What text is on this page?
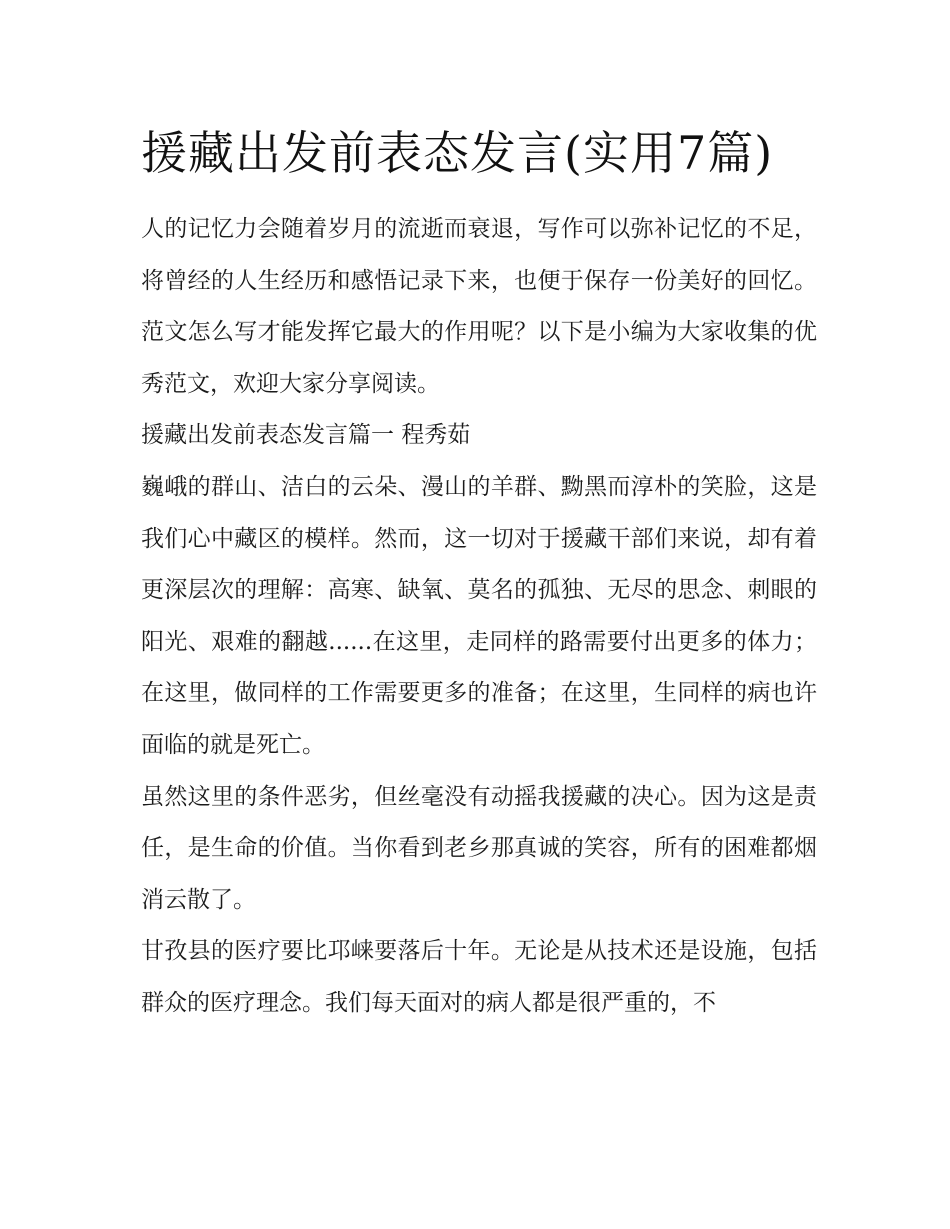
援藏出发前表态发言(实用7篇)

人的记忆力会随着岁月的流逝而衰退，写作可以弥补记忆的不足，将曾经的人生经历和感悟记录下来，也便于保存一份美好的回忆。范文怎么写才能发挥它最大的作用呢？以下是小编为大家收集的优秀范文，欢迎大家分享阅读。

援藏出发前表态发言篇一 程秀茹

巍峨的群山、洁白的云朵、漫山的羊群、黝黑而淳朴的笑脸，这是我们心中藏区的模样。然而，这一切对于援藏干部们来说，却有着更深层次的理解：高寒、缺氧、莫名的孤独、无尽的思念、刺眼的阳光、艰难的翻越......在这里，走同样的路需要付出更多的体力；在这里，做同样的工作需要更多的准备；在这里，生同样的病也许面临的就是死亡。

虽然这里的条件恶劣，但丝毫没有动摇我援藏的决心。因为这是责任，是生命的价值。当你看到老乡那真诚的笑容，所有的困难都烟消云散了。

甘孜县的医疗要比邛崃要落后十年。无论是从技术还是设施，包括群众的医疗理念。我们每天面对的病人都是很严重的，不
